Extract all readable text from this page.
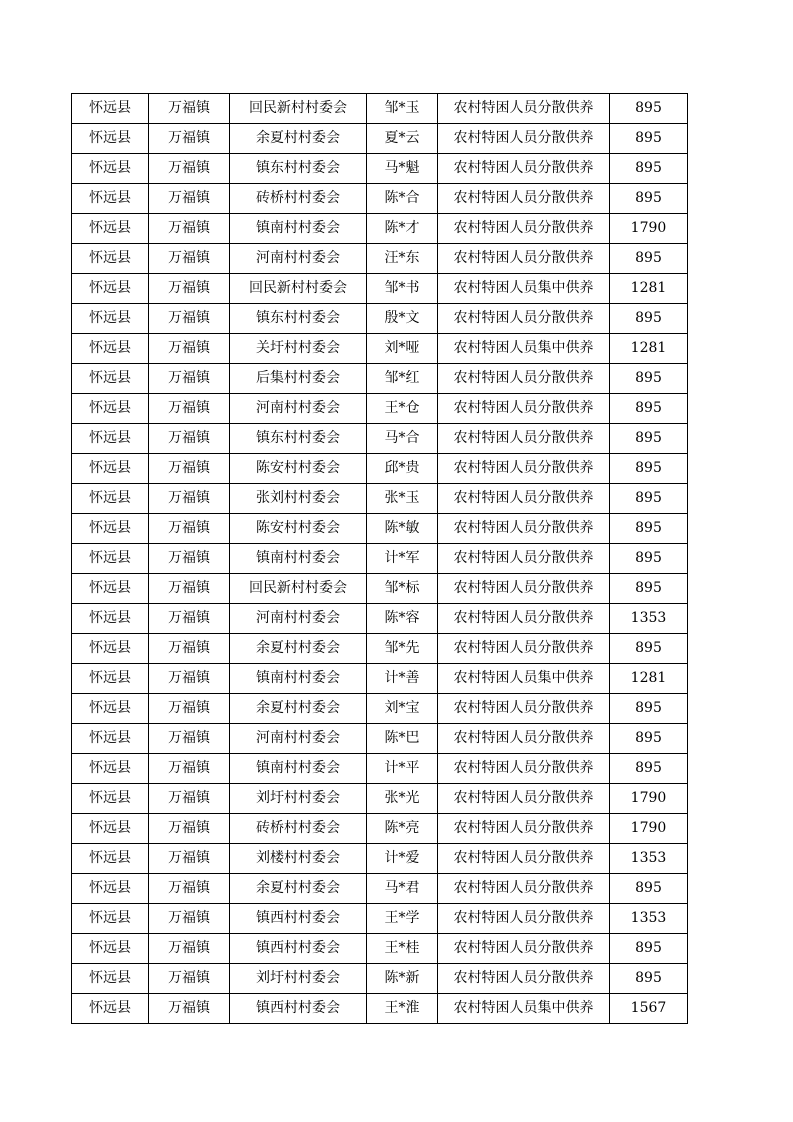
怀远县	万福镇	回民新村村委会	邹*玉	农村特困人员分散供养	895
怀远县	万福镇	余夏村村委会	夏*云	农村特困人员分散供养	895
怀远县	万福镇	镇东村村委会	马*魁	农村特困人员分散供养	895
怀远县	万福镇	砖桥村村委会	陈*合	农村特困人员分散供养	895
怀远县	万福镇	镇南村村委会	陈*才	农村特困人员分散供养	1790
怀远县	万福镇	河南村村委会	汪*东	农村特困人员分散供养	895
怀远县	万福镇	回民新村村委会	邹*书	农村特困人员集中供养	1281
怀远县	万福镇	镇东村村委会	殷*文	农村特困人员分散供养	895
怀远县	万福镇	关圩村村委会	刘*哑	农村特困人员集中供养	1281
怀远县	万福镇	后集村村委会	邹*红	农村特困人员分散供养	895
怀远县	万福镇	河南村村委会	王*仓	农村特困人员分散供养	895
怀远县	万福镇	镇东村村委会	马*合	农村特困人员分散供养	895
怀远县	万福镇	陈安村村委会	邱*贵	农村特困人员分散供养	895
怀远县	万福镇	张刘村村委会	张*玉	农村特困人员分散供养	895
怀远县	万福镇	陈安村村委会	陈*敏	农村特困人员分散供养	895
怀远县	万福镇	镇南村村委会	计*军	农村特困人员分散供养	895
怀远县	万福镇	回民新村村委会	邹*标	农村特困人员分散供养	895
怀远县	万福镇	河南村村委会	陈*容	农村特困人员分散供养	1353
怀远县	万福镇	余夏村村委会	邹*先	农村特困人员分散供养	895
怀远县	万福镇	镇南村村委会	计*善	农村特困人员集中供养	1281
怀远县	万福镇	余夏村村委会	刘*宝	农村特困人员分散供养	895
怀远县	万福镇	河南村村委会	陈*巴	农村特困人员分散供养	895
怀远县	万福镇	镇南村村委会	计*平	农村特困人员分散供养	895
怀远县	万福镇	刘圩村村委会	张*光	农村特困人员分散供养	1790
怀远县	万福镇	砖桥村村委会	陈*亮	农村特困人员分散供养	1790
怀远县	万福镇	刘楼村村委会	计*爱	农村特困人员分散供养	1353
怀远县	万福镇	余夏村村委会	马*君	农村特困人员分散供养	895
怀远县	万福镇	镇西村村委会	王*学	农村特困人员分散供养	1353
怀远县	万福镇	镇西村村委会	王*桂	农村特困人员分散供养	895
怀远县	万福镇	刘圩村村委会	陈*新	农村特困人员分散供养	895
怀远县	万福镇	镇西村村委会	王*淮	农村特困人员集中供养	1567
